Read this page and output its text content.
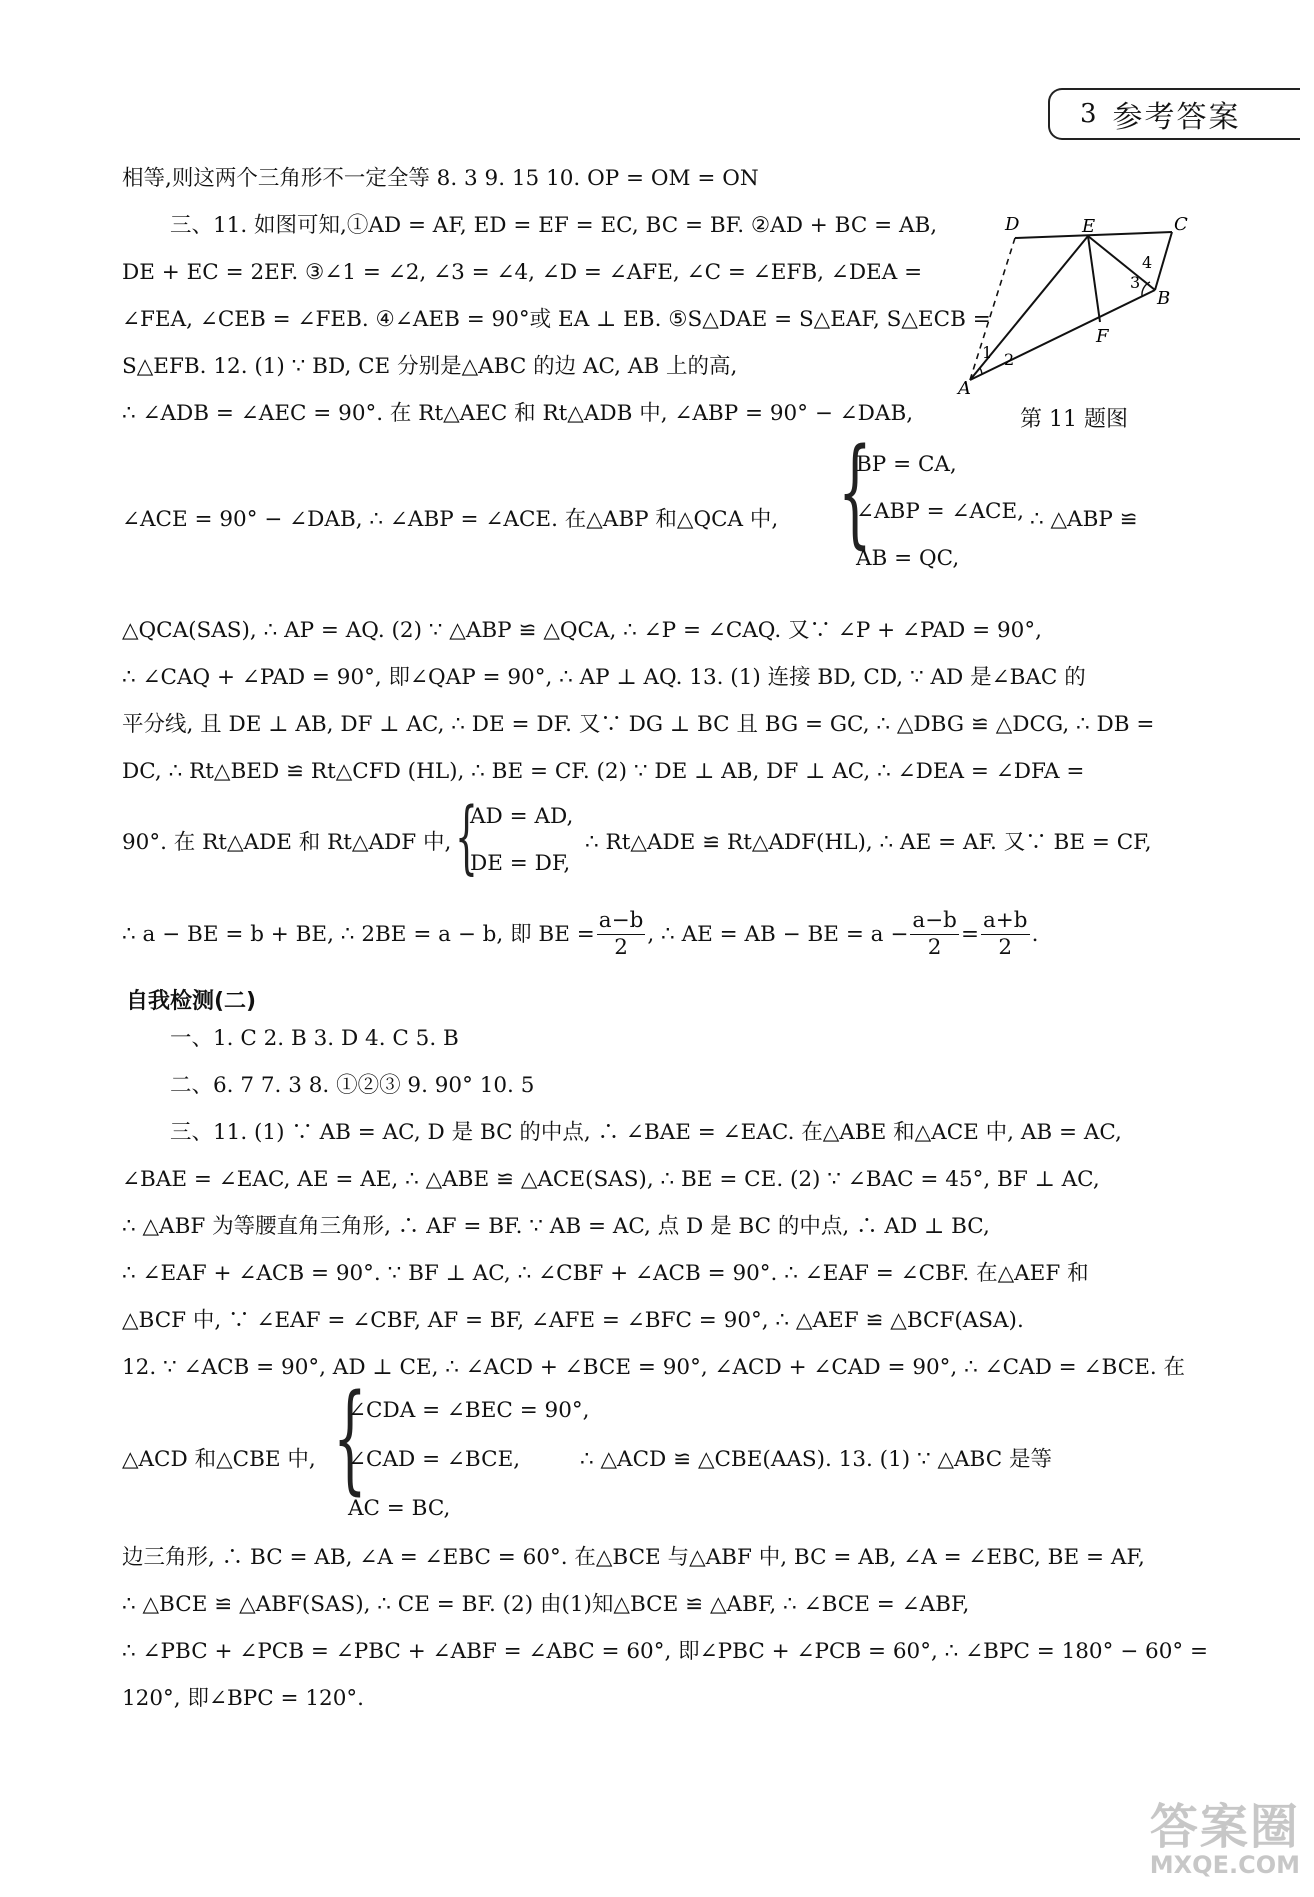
3 参考答案
D	E	C
A
B
F
1 2
3
4
第 11 题图
相等,则这两个三角形不一定全等 8. 3 9. 15 10. OP = OM = ON
三、11. 如图可知,①AD = AF, ED = EF = EC, BC = BF. ②AD + BC = AB,
DE + EC = 2EF. ③∠1 = ∠2, ∠3 = ∠4, ∠D = ∠AFE, ∠C = ∠EFB, ∠DEA =
∠FEA, ∠CEB = ∠FEB. ④∠AEB = 90°或 EA ⊥ EB. ⑤S△DAE = S△EAF, S△ECB =
S△EFB. 12. (1) ∵ BD, CE 分别是△ABC 的边 AC, AB 上的高,
∴ ∠ADB = ∠AEC = 90°. 在 Rt△AEC 和 Rt△ADB 中, ∠ABP = 90° − ∠DAB,
∠ACE = 90° − ∠DAB, ∴ ∠ABP = ∠ACE. 在△ABP 和△QCA 中, {
BP = CA,
∠ABP = ∠ACE,
AB = QC,
∴ △ABP ≌
△QCA(SAS), ∴ AP = AQ. (2) ∵ △ABP ≌ △QCA, ∴ ∠P = ∠CAQ. 又∵ ∠P + ∠PAD = 90°,
∴ ∠CAQ + ∠PAD = 90°, 即∠QAP = 90°, ∴ AP ⊥ AQ. 13. (1) 连接 BD, CD, ∵ AD 是∠BAC 的
平分线, 且 DE ⊥ AB, DF ⊥ AC, ∴ DE = DF. 又∵ DG ⊥ BC 且 BG = GC, ∴ △DBG ≌ △DCG, ∴ DB =
DC, ∴ Rt△BED ≌ Rt△CFD (HL), ∴ BE = CF. (2) ∵ DE ⊥ AB, DF ⊥ AC, ∴ ∠DEA = ∠DFA =
90°. 在 Rt△ADE 和 Rt△ADF 中, {
AD = AD,
DE = DF,
∴ Rt△ADE ≌ Rt△ADF(HL), ∴ AE = AF. 又∵ BE = CF,
∴ a − BE = b + BE, ∴ 2BE = a − b, 即 BE = $\frac{a-b}{2}$ , ∴ AE = AB − BE = $a - \frac{a-b}{2} = \frac{a+b}{2}$ .
自我检测(二)
一、1. C 2. B 3. D 4. C 5. B
二、6. 7 7. 3 8. ①②③ 9. 90° 10. 5
三、11. (1) ∵ AB = AC, D 是 BC 的中点, ∴ ∠BAE = ∠EAC. 在△ABE 和△ACE 中, AB = AC,
∠BAE = ∠EAC, AE = AE, ∴ △ABE ≌ △ACE(SAS), ∴ BE = CE. (2) ∵ ∠BAC = 45°, BF ⊥ AC,
∴ △ABF 为等腰直角三角形, ∴ AF = BF. ∵ AB = AC, 点 D 是 BC 的中点, ∴ AD ⊥ BC,
∴ ∠EAF + ∠ACB = 90°. ∵ BF ⊥ AC, ∴ ∠CBF + ∠ACB = 90°. ∴ ∠EAF = ∠CBF. 在△AEF 和
△BCF 中, ∵ ∠EAF = ∠CBF, AF = BF, ∠AFE = ∠BFC = 90°, ∴ △AEF ≌ △BCF(ASA).
12. ∵ ∠ACB = 90°, AD ⊥ CE, ∴ ∠ACD + ∠BCE = 90°, ∠ACD + ∠CAD = 90°, ∴ ∠CAD = ∠BCE. 在
{
∠CDA = ∠BEC = 90°,
△ACD 和△CBE 中, ∠CAD = ∠BCE,	∴ △ACD ≌ △CBE(AAS). 13. (1) ∵ △ABC 是等
AC = BC,
边三角形, ∴ BC = AB, ∠A = ∠EBC = 60°. 在△BCE 与△ABF 中, BC = AB, ∠A = ∠EBC, BE = AF,
∴ △BCE ≌ △ABF(SAS), ∴ CE = BF. (2) 由(1)知△BCE ≌ △ABF, ∴ ∠BCE = ∠ABF,
∴ ∠PBC + ∠PCB = ∠PBC + ∠ABF = ∠ABC = 60°, 即∠PBC + ∠PCB = 60°, ∴ ∠BPC = 180° − 60° =
120°, 即∠BPC = 120°.
答案圈
MXQE.COM
